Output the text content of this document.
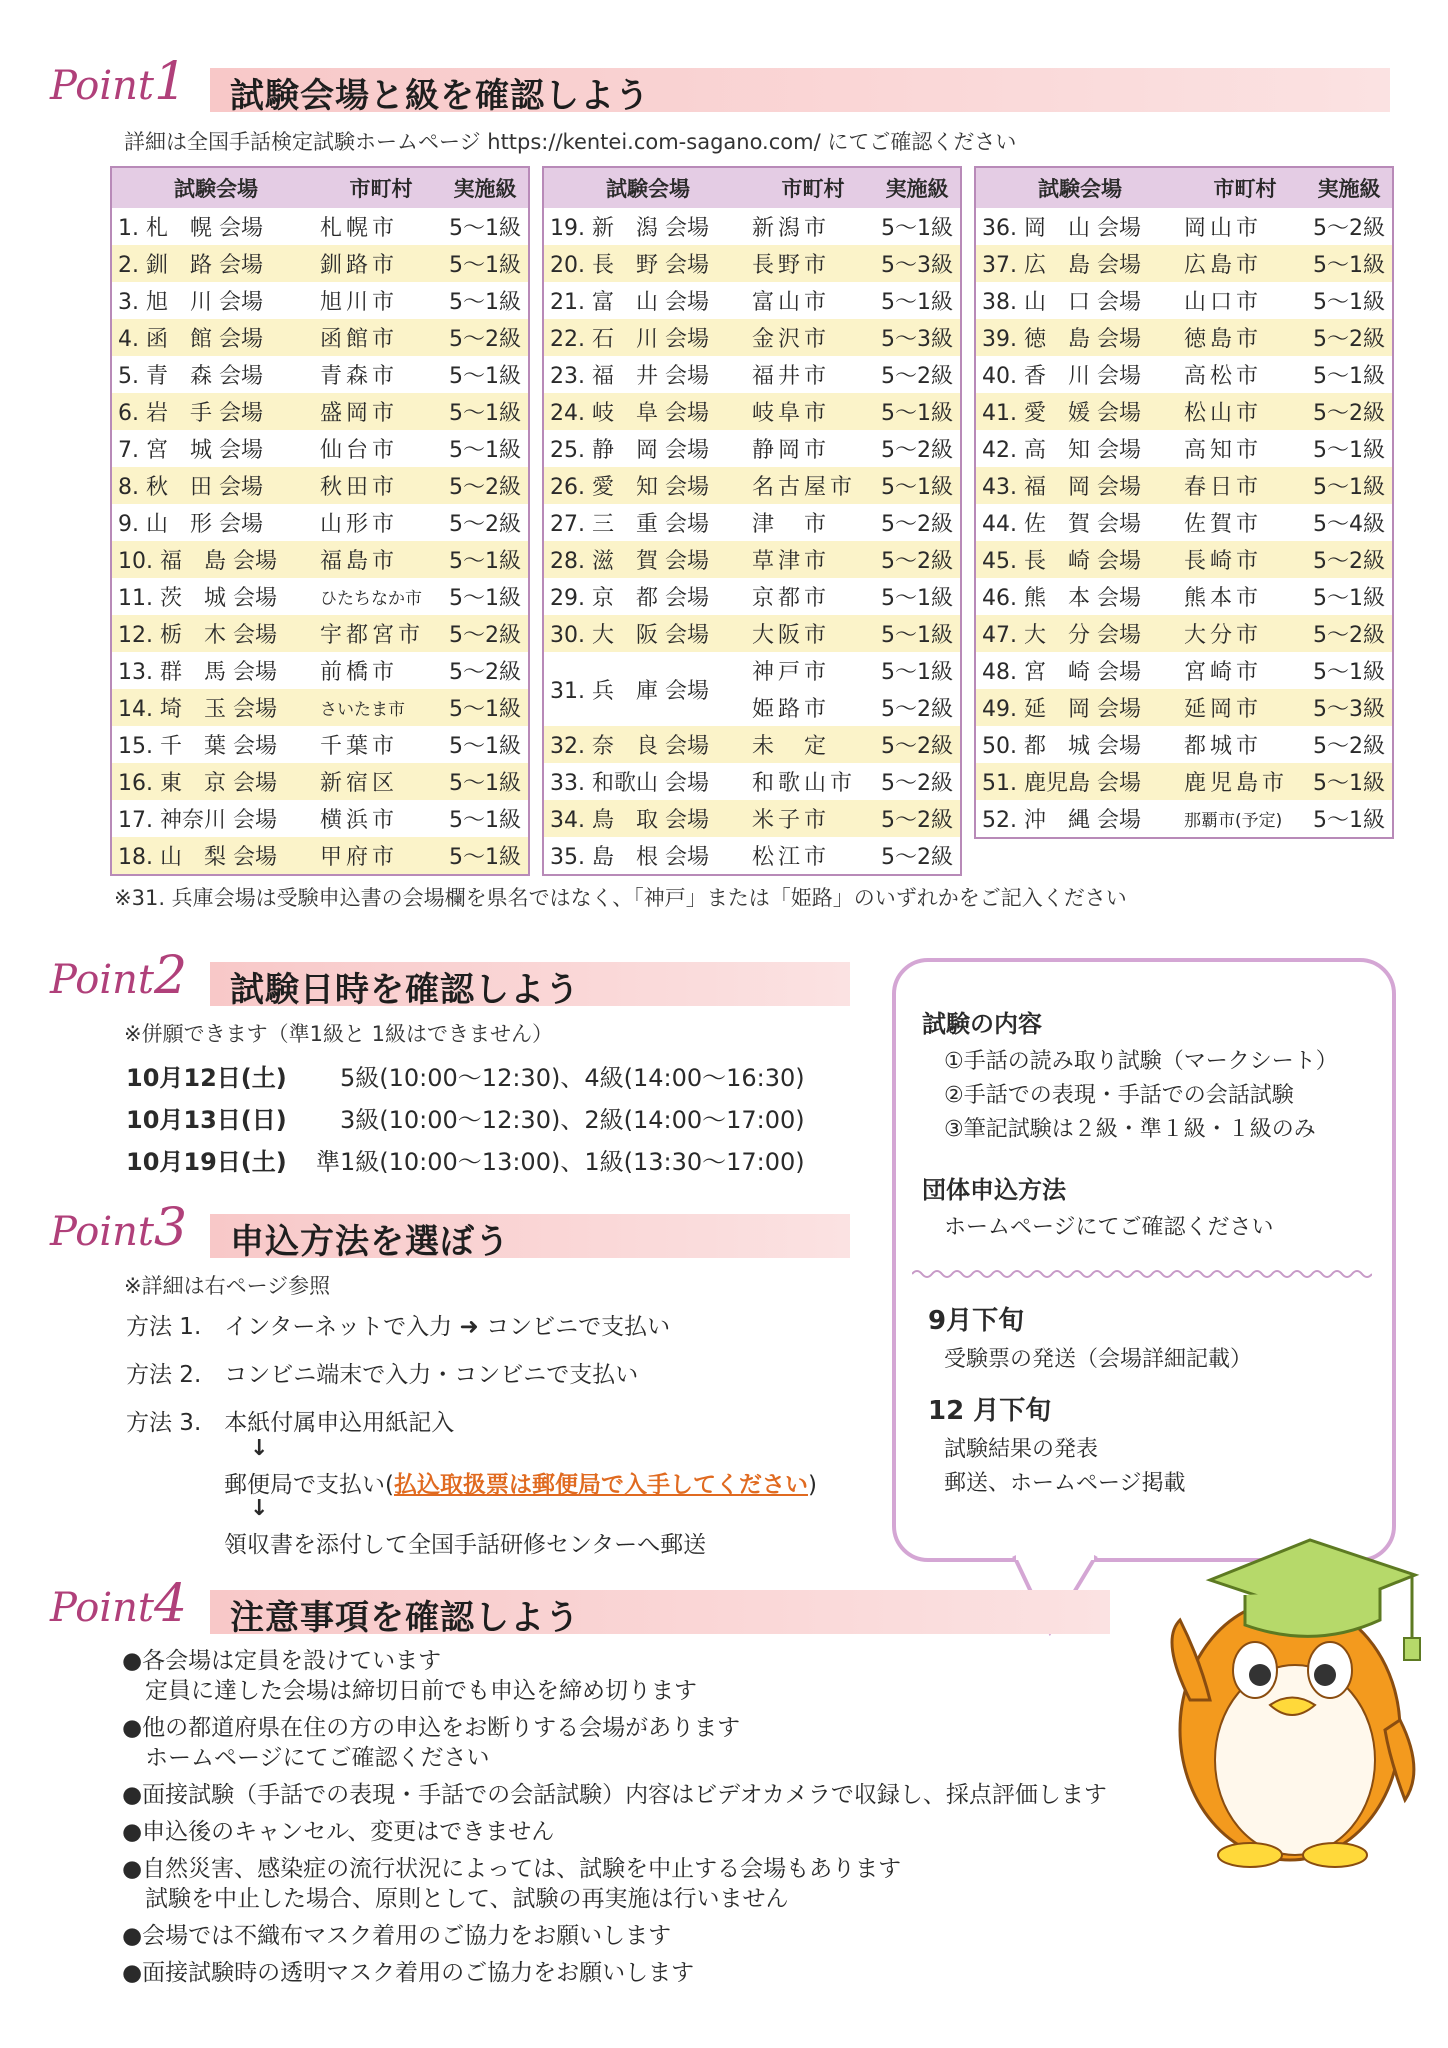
Point1 試験会場と級を確認しよう
詳細は全国手話検定試験ホームページ https://kentei.com-sagano.com/ にてご確認ください
試験会場	市町村	実施級
1. 札　幌 会場	札幌市	5～1級
2. 釧　路 会場	釧路市	5～1級
3. 旭　川 会場	旭川市	5～1級
4. 函　館 会場	函館市	5～2級
5. 青　森 会場	青森市	5～1級
6. 岩　手 会場	盛岡市	5～1級
7. 宮　城 会場	仙台市	5～1級
8. 秋　田 会場	秋田市	5～2級
9. 山　形 会場	山形市	5～2級
10. 福　島 会場	福島市	5～1級
11. 茨　城 会場	ひたちなか市	5～1級
12. 栃　木 会場	宇都宮市	5～2級
13. 群　馬 会場	前橋市	5～2級
14. 埼　玉 会場	さいたま市	5～1級
15. 千　葉 会場	千葉市	5～1級
16. 東　京 会場	新宿区	5～1級
17. 神奈川 会場	横浜市	5～1級
18. 山　梨 会場	甲府市	5～1級
試験会場	市町村	実施級
19. 新　潟 会場	新潟市	5～1級
20. 長　野 会場	長野市	5～3級
21. 富　山 会場	富山市	5～1級
22. 石　川 会場	金沢市	5～3級
23. 福　井 会場	福井市	5～2級
24. 岐　阜 会場	岐阜市	5～1級
25. 静　岡 会場	静岡市	5～2級
26. 愛　知 会場	名古屋市	5～1級
27. 三　重 会場	津　市	5～2級
28. 滋　賀 会場	草津市	5～2級
29. 京　都 会場	京都市	5～1級
30. 大　阪 会場	大阪市	5～1級
31. 兵　庫 会場
神戸市	5～1級
姫路市	5～2級
32. 奈　良 会場	未　定	5～2級
33. 和歌山 会場	和歌山市	5～2級
34. 鳥　取 会場	米子市	5～2級
35. 島　根 会場	松江市	5～2級
試験会場	市町村	実施級
36. 岡　山 会場	岡山市	5～2級
37. 広　島 会場	広島市	5～1級
38. 山　口 会場	山口市	5～1級
39. 徳　島 会場	徳島市	5～2級
40. 香　川 会場	高松市	5～1級
41. 愛　媛 会場	松山市	5～2級
42. 高　知 会場	高知市	5～1級
43. 福　岡 会場	春日市	5～1級
44. 佐　賀 会場	佐賀市	5～4級
45. 長　崎 会場	長崎市	5～2級
46. 熊　本 会場	熊本市	5～1級
47. 大　分 会場	大分市	5～2級
48. 宮　崎 会場	宮崎市	5～1級
49. 延　岡 会場	延岡市	5～3級
50. 都　城 会場	都城市	5～2級
51. 鹿児島 会場	鹿児島市	5～1級
52. 沖　縄 会場	那覇市(予定)	5～1級
※31. 兵庫会場は受験申込書の会場欄を県名ではなく、「神戸」または「姫路」のいずれかをご記入ください
Point2 試験日時を確認しよう
※併願できます（準1級と 1級はできません）
10月12日(土)	5級(10:00～12:30)、4級(14:00～16:30)
10月13日(日)	3級(10:00～12:30)、2級(14:00～17:00)
10月19日(土)	準1級(10:00～13:00)、1級(13:30～17:00)
Point3 申込方法を選ぼう
※詳細は右ページ参照
方法 1.　インターネットで入力 ➜ コンビニで支払い
方法 2.　コンビニ端末で入力・コンビニで支払い
方法 3.　本紙付属申込用紙記入
↓
郵便局で支払い(払込取扱票は郵便局で入手してください)
↓
領収書を添付して全国手話研修センターへ郵送
試験の内容
①手話の読み取り試験（マークシート）
②手話での表現・手話での会話試験
③筆記試験は２級・準１級・１級のみ
団体申込方法
ホームページにてご確認ください
9月下旬
受験票の発送（会場詳細記載）
12 月下旬
試験結果の発表
郵送、ホームページ掲載
Point4 注意事項を確認しよう
●各会場は定員を設けています
　定員に達した会場は締切日前でも申込を締め切ります
●他の都道府県在住の方の申込をお断りする会場があります
　ホームページにてご確認ください
●面接試験（手話での表現・手話での会話試験）内容はビデオカメラで収録し、採点評価します
●申込後のキャンセル、変更はできません
●自然災害、感染症の流行状況によっては、試験を中止する会場もあります
　試験を中止した場合、原則として、試験の再実施は行いません
●会場では不織布マスク着用のご協力をお願いします
●面接試験時の透明マスク着用のご協力をお願いします
